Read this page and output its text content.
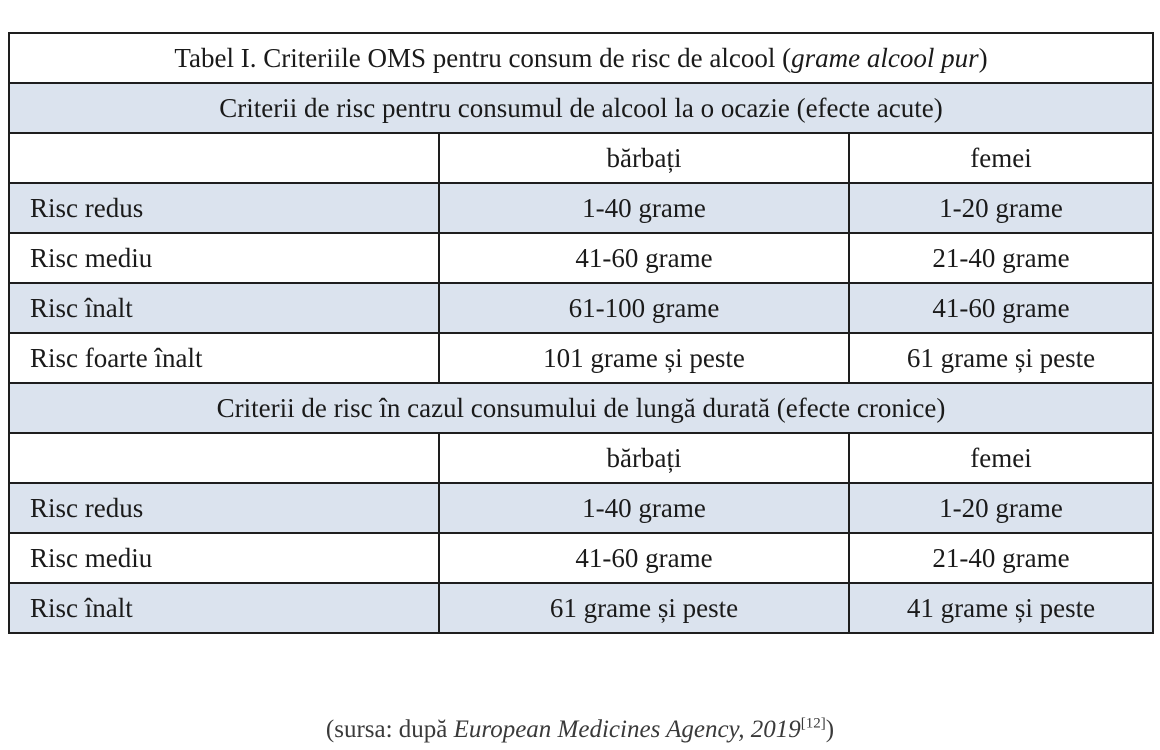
Tabel I. Criteriile OMS pentru consum de risc de alcool (grame alcool pur)		
Criterii de risc pentru consumul de alcool la o ocazie (efecte acute)		
	bărbați	femei
Risc redus	1-40 grame	1-20 grame
Risc mediu	41-60 grame	21-40 grame
Risc înalt	61-100 grame	41-60 grame
Risc foarte înalt	101 grame și peste	61 grame și peste
Criterii de risc în cazul consumului de lungă durată (efecte cronice)		
	bărbați	femei
Risc redus	1-40 grame	1-20 grame
Risc mediu	41-60 grame	21-40 grame
Risc înalt	61 grame și peste	41 grame și peste
(sursa: după European Medicines Agency, 2019[12])
